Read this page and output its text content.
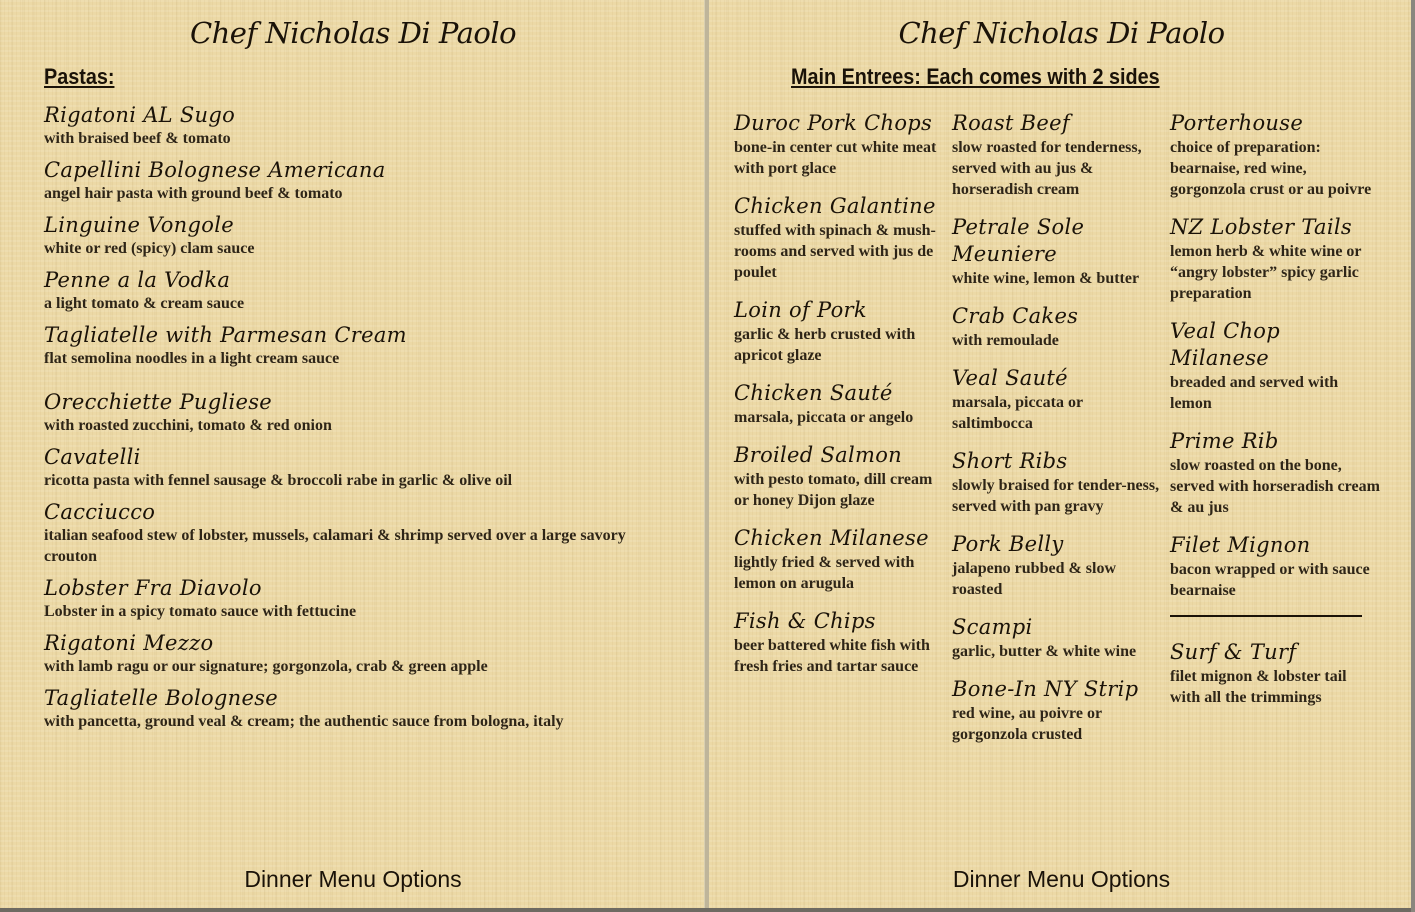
Chef Nicholas Di Paolo
Pastas:
Rigatoni AL Sugo
with braised beef & tomato
Capellini Bolognese Americana
angel hair pasta with ground beef & tomato
Linguine Vongole
white or red (spicy) clam sauce
Penne a la Vodka
a light tomato & cream sauce
Tagliatelle with Parmesan Cream
flat semolina noodles in a light cream sauce
Orecchiette Pugliese
with roasted zucchini, tomato & red onion
Cavatelli
ricotta pasta with fennel sausage & broccoli rabe in garlic & olive oil
Cacciucco
italian seafood stew of lobster, mussels, calamari & shrimp served over a large savory crouton
Lobster Fra Diavolo
Lobster in a spicy tomato sauce with fettucine
Rigatoni Mezzo
with lamb ragu or our signature; gorgonzola, crab & green apple
Tagliatelle Bolognese
with pancetta, ground veal & cream; the authentic sauce from bologna, italy
Dinner Menu Options
Chef Nicholas Di Paolo
Main Entrees: Each comes with 2 sides
Duroc Pork Chops
bone-in center cut white meat with port glace
Chicken Galantine
stuffed with spinach & mush-rooms and served with jus de poulet
Loin of Pork
garlic & herb crusted with apricot glaze
Chicken Sauté
marsala, piccata or angelo
Broiled Salmon
with pesto tomato, dill cream or honey Dijon glaze
Chicken Milanese
lightly fried & served with lemon on arugula
Fish & Chips
beer battered white fish with fresh fries and tartar sauce
Roast Beef
slow roasted for tenderness, served with au jus & horseradish cream
Petrale Sole Meuniere
white wine, lemon & butter
Crab Cakes
with remoulade
Veal Sauté
marsala, piccata or saltimbocca
Short Ribs
slowly braised for tender-ness, served with pan gravy
Pork Belly
jalapeno rubbed & slow roasted
Scampi
garlic, butter & white wine
Bone-In NY Strip
red wine, au poivre or gorgonzola crusted
Porterhouse
choice of preparation: bearnaise, red wine, gorgonzola crust or au poivre
NZ Lobster Tails
lemon herb & white wine or “angry lobster” spicy garlic preparation
Veal Chop Milanese
breaded and served with lemon
Prime Rib
slow roasted on the bone, served with horseradish cream & au jus
Filet Mignon
bacon wrapped or with sauce bearnaise
Surf & Turf
filet mignon & lobster tail with all the trimmings
Dinner Menu Options
